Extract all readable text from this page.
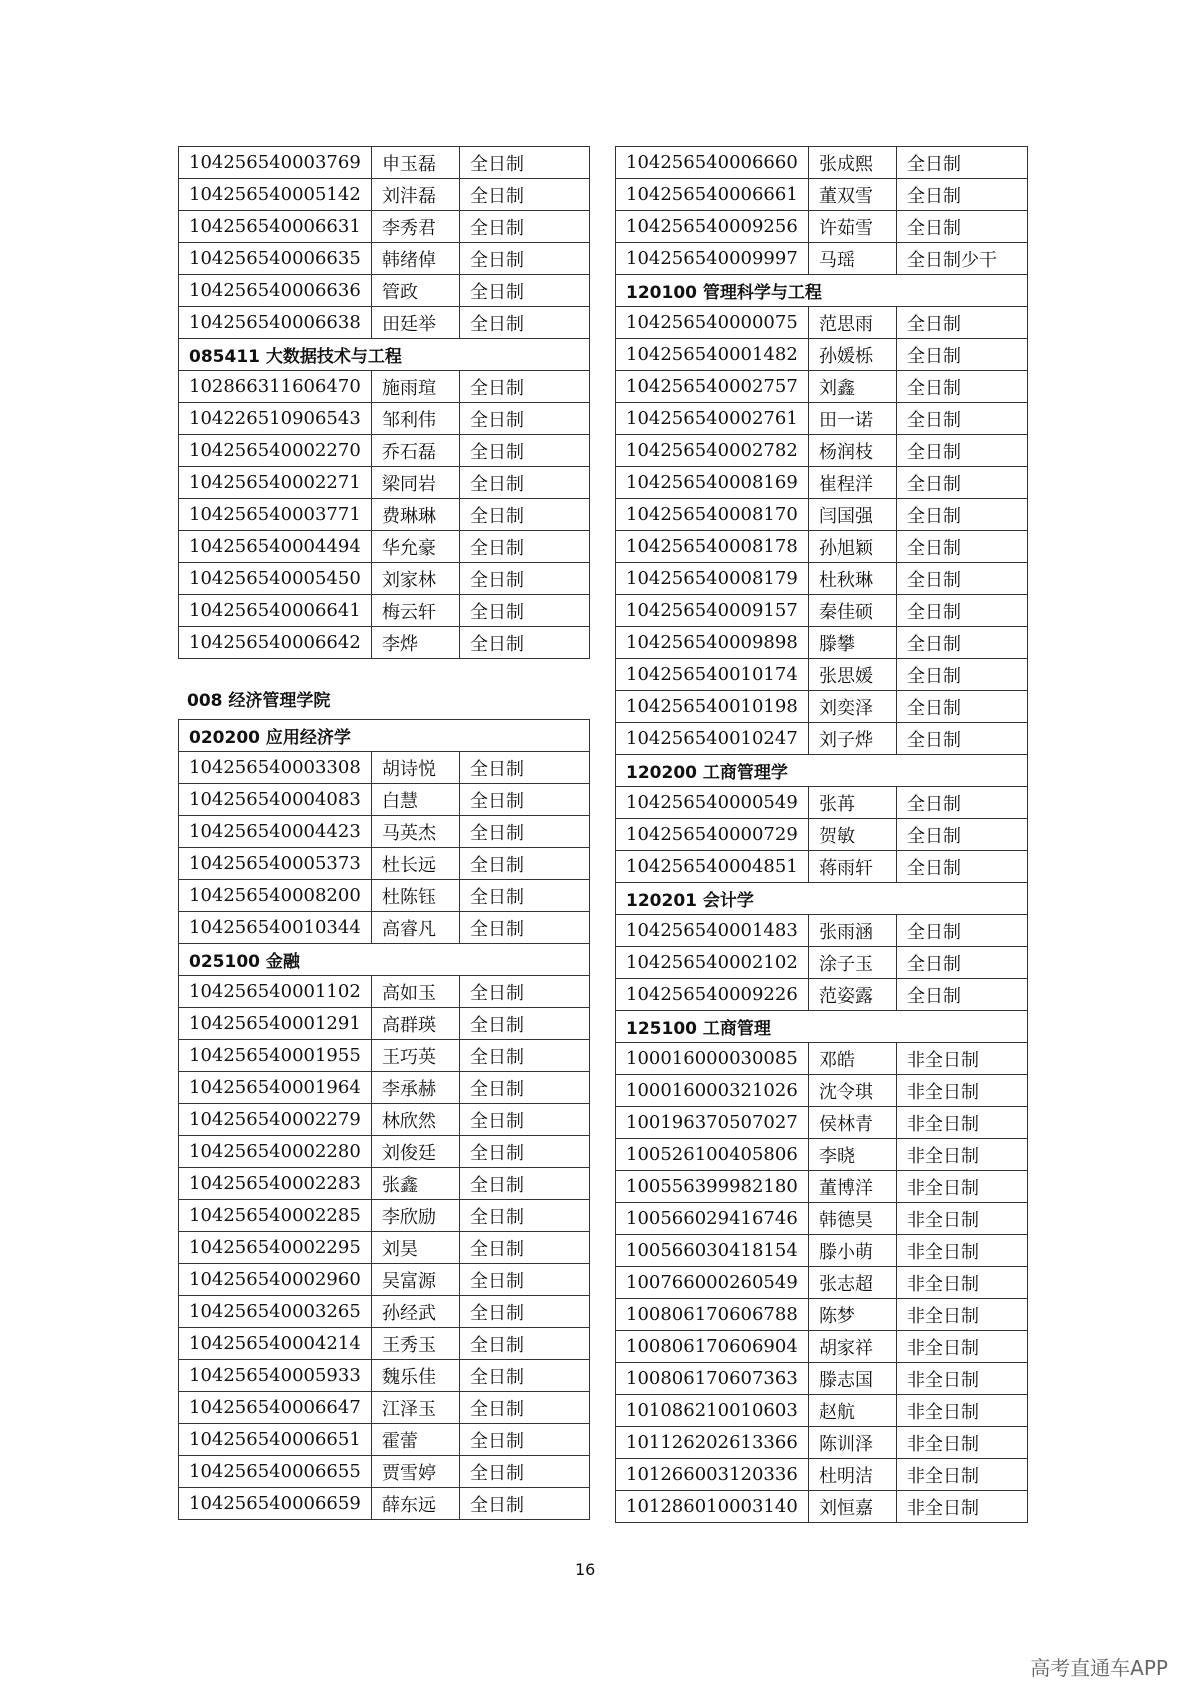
104256540003769	申玉磊	全日制
104256540005142	刘沣磊	全日制
104256540006631	李秀君	全日制
104256540006635	韩绪倬	全日制
104256540006636	管政	全日制
104256540006638	田廷举	全日制
085411 大数据技术与工程		
102866311606470	施雨瑄	全日制
104226510906543	邹利伟	全日制
104256540002270	乔石磊	全日制
104256540002271	梁同岩	全日制
104256540003771	费琳琳	全日制
104256540004494	华允豪	全日制
104256540005450	刘家林	全日制
104256540006641	梅云轩	全日制
104256540006642	李烨	全日制
008 经济管理学院
020200 应用经济学		
104256540003308	胡诗悦	全日制
104256540004083	白慧	全日制
104256540004423	马英杰	全日制
104256540005373	杜长远	全日制
104256540008200	杜陈钰	全日制
104256540010344	高睿凡	全日制
025100 金融		
104256540001102	高如玉	全日制
104256540001291	高群瑛	全日制
104256540001955	王巧英	全日制
104256540001964	李承赫	全日制
104256540002279	林欣然	全日制
104256540002280	刘俊廷	全日制
104256540002283	张鑫	全日制
104256540002285	李欣励	全日制
104256540002295	刘昊	全日制
104256540002960	吴富源	全日制
104256540003265	孙经武	全日制
104256540004214	王秀玉	全日制
104256540005933	魏乐佳	全日制
104256540006647	江泽玉	全日制
104256540006651	霍蕾	全日制
104256540006655	贾雪婷	全日制
104256540006659	薛东远	全日制
104256540006660	张成熙	全日制
104256540006661	董双雪	全日制
104256540009256	许茹雪	全日制
104256540009997	马瑶	全日制少干
120100 管理科学与工程		
104256540000075	范思雨	全日制
104256540001482	孙媛栎	全日制
104256540002757	刘鑫	全日制
104256540002761	田一诺	全日制
104256540002782	杨润枝	全日制
104256540008169	崔程洋	全日制
104256540008170	闫国强	全日制
104256540008178	孙旭颖	全日制
104256540008179	杜秋琳	全日制
104256540009157	秦佳硕	全日制
104256540009898	滕攀	全日制
104256540010174	张思媛	全日制
104256540010198	刘奕泽	全日制
104256540010247	刘子烨	全日制
120200 工商管理学		
104256540000549	张苒	全日制
104256540000729	贺敏	全日制
104256540004851	蒋雨轩	全日制
120201 会计学		
104256540001483	张雨涵	全日制
104256540002102	涂子玉	全日制
104256540009226	范姿露	全日制
125100 工商管理		
100016000030085	邓皓	非全日制
100016000321026	沈令琪	非全日制
100196370507027	侯林青	非全日制
100526100405806	李晓	非全日制
100556399982180	董博洋	非全日制
100566029416746	韩德昊	非全日制
100566030418154	滕小萌	非全日制
100766000260549	张志超	非全日制
100806170606788	陈梦	非全日制
100806170606904	胡家祥	非全日制
100806170607363	滕志国	非全日制
101086210010603	赵航	非全日制
101126202613366	陈训泽	非全日制
101266003120336	杜明洁	非全日制
101286010003140	刘恒嘉	非全日制
16
高考直通车APP
